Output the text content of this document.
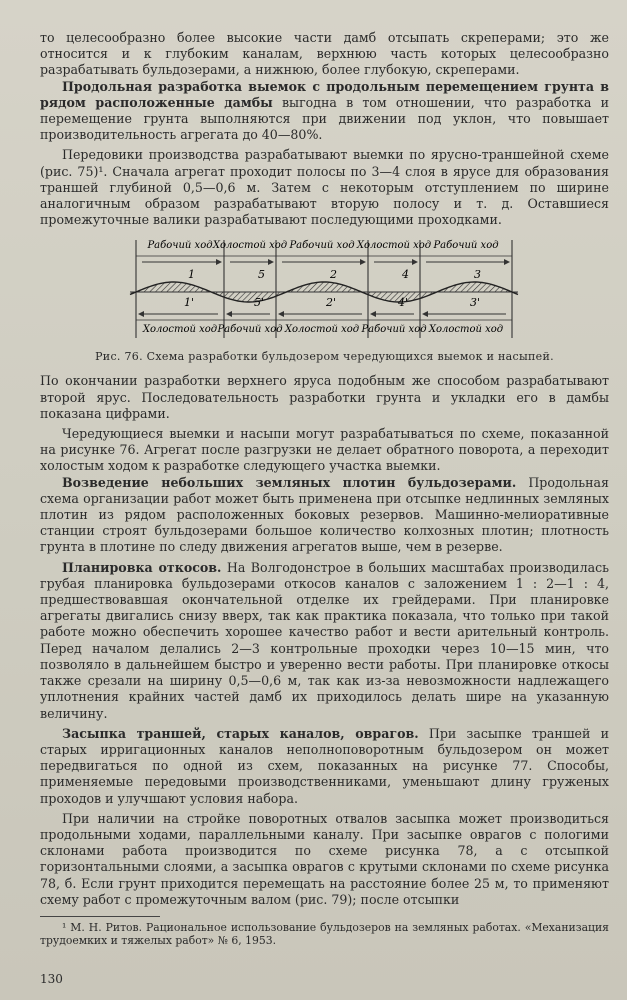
то целесообразно более высокие части дамб отсыпать скреперами; это же относится и к глубоким каналам, верхнюю часть которых целесообразно разрабатывать бульдозерами, а нижнюю, более глубокую, скреперами.

Продольная разработка выемок с продольным перемещением грунта в рядом расположенные дамбы выгодна в том отношении, что разработка и перемещение грунта выполняются при движении под уклон, что повышает производительность агрегата до 40—80%.

Передовики производства разрабатывают выемки по ярусно-траншейной схеме (рис. 75)¹. Сначала агрегат проходит полосы по 3—4 слоя в ярусе для образования траншей глубиной 0,5—0,6 м. Затем с некоторым отступлением по ширине аналогичным образом разрабатывают вторую полосу и т. д. Оставшиеся промежуточные валики разрабатывают последующими проходками.

Рабочий ход
Холостой ход
1
1'
Холостой ход
Рабочий ход
5
5'
Рабочий ход
Холостой ход
2
2'
Холостой ход
Рабочий ход
4
4'
Рабочий ход
Холостой ход
3
3'
Рис. 76. Схема разработки бульдозером чередующихся выемок и насыпей.

По окончании разработки верхнего яруса подобным же способом разрабатывают второй ярус. Последовательность разработки грунта и укладки его в дамбы показана цифрами.

Чередующиеся выемки и насыпи могут разрабатываться по схеме, показанной на рисунке 76. Агрегат после разгрузки не делает обратного поворота, а переходит холостым ходом к разработке следующего участка выемки.

Возведение небольших земляных плотин бульдозерами. Продольная схема организации работ может быть применена при отсыпке недлинных земляных плотин из рядом расположенных боковых резервов. Машинно-мелиоративные станции строят бульдозерами большое количество колхозных плотин; плотность грунта в плотине по следу движения агрегатов выше, чем в резерве.

Планировка откосов. На Волгодонстрое в больших масштабах производилась грубая планировка бульдозерами откосов каналов с заложением 1 : 2—1 : 4, предшествовавшая окончательной отделке их грейдерами. При планировке агрегаты двигались снизу вверх, так как практика показала, что только при такой работе можно обеспечить хорошее качество работ и вести арительный контроль. Перед началом делались 2—3 контрольные проходки через 10—15 мин, что позволяло в дальнейшем быстро и уверенно вести работы. При планировке откосы также срезали на ширину 0,5—0,6 м, так как из-за невозможности надлежащего уплотнения крайних частей дамб их приходилось делать шире на указанную величину.

Засыпка траншей, старых каналов, оврагов. При засыпке траншей и старых ирригационных каналов неполноповоротным бульдозером он может передвигаться по одной из схем, показанных на рисунке 77. Способы, применяемые передовыми производственниками, уменьшают длину груженых проходов и улучшают условия набора.

При наличии на стройке поворотных отвалов засыпка может производиться продольными ходами, параллельными каналу. При засыпке оврагов с пологими склонами работа производится по схеме рисунка 78, а с отсыпкой горизонтальными слоями, а засыпка оврагов с крутыми склонами по схеме рисунка 78, б. Если грунт приходится перемещать на расстояние более 25 м, то применяют схему работ с промежуточным валом (рис. 79); после отсыпки

¹ М. Н. Ритов. Рациональное использование бульдозеров на земляных работах. «Механизация трудоемких и тяжелых работ» № 6, 1953.

130
